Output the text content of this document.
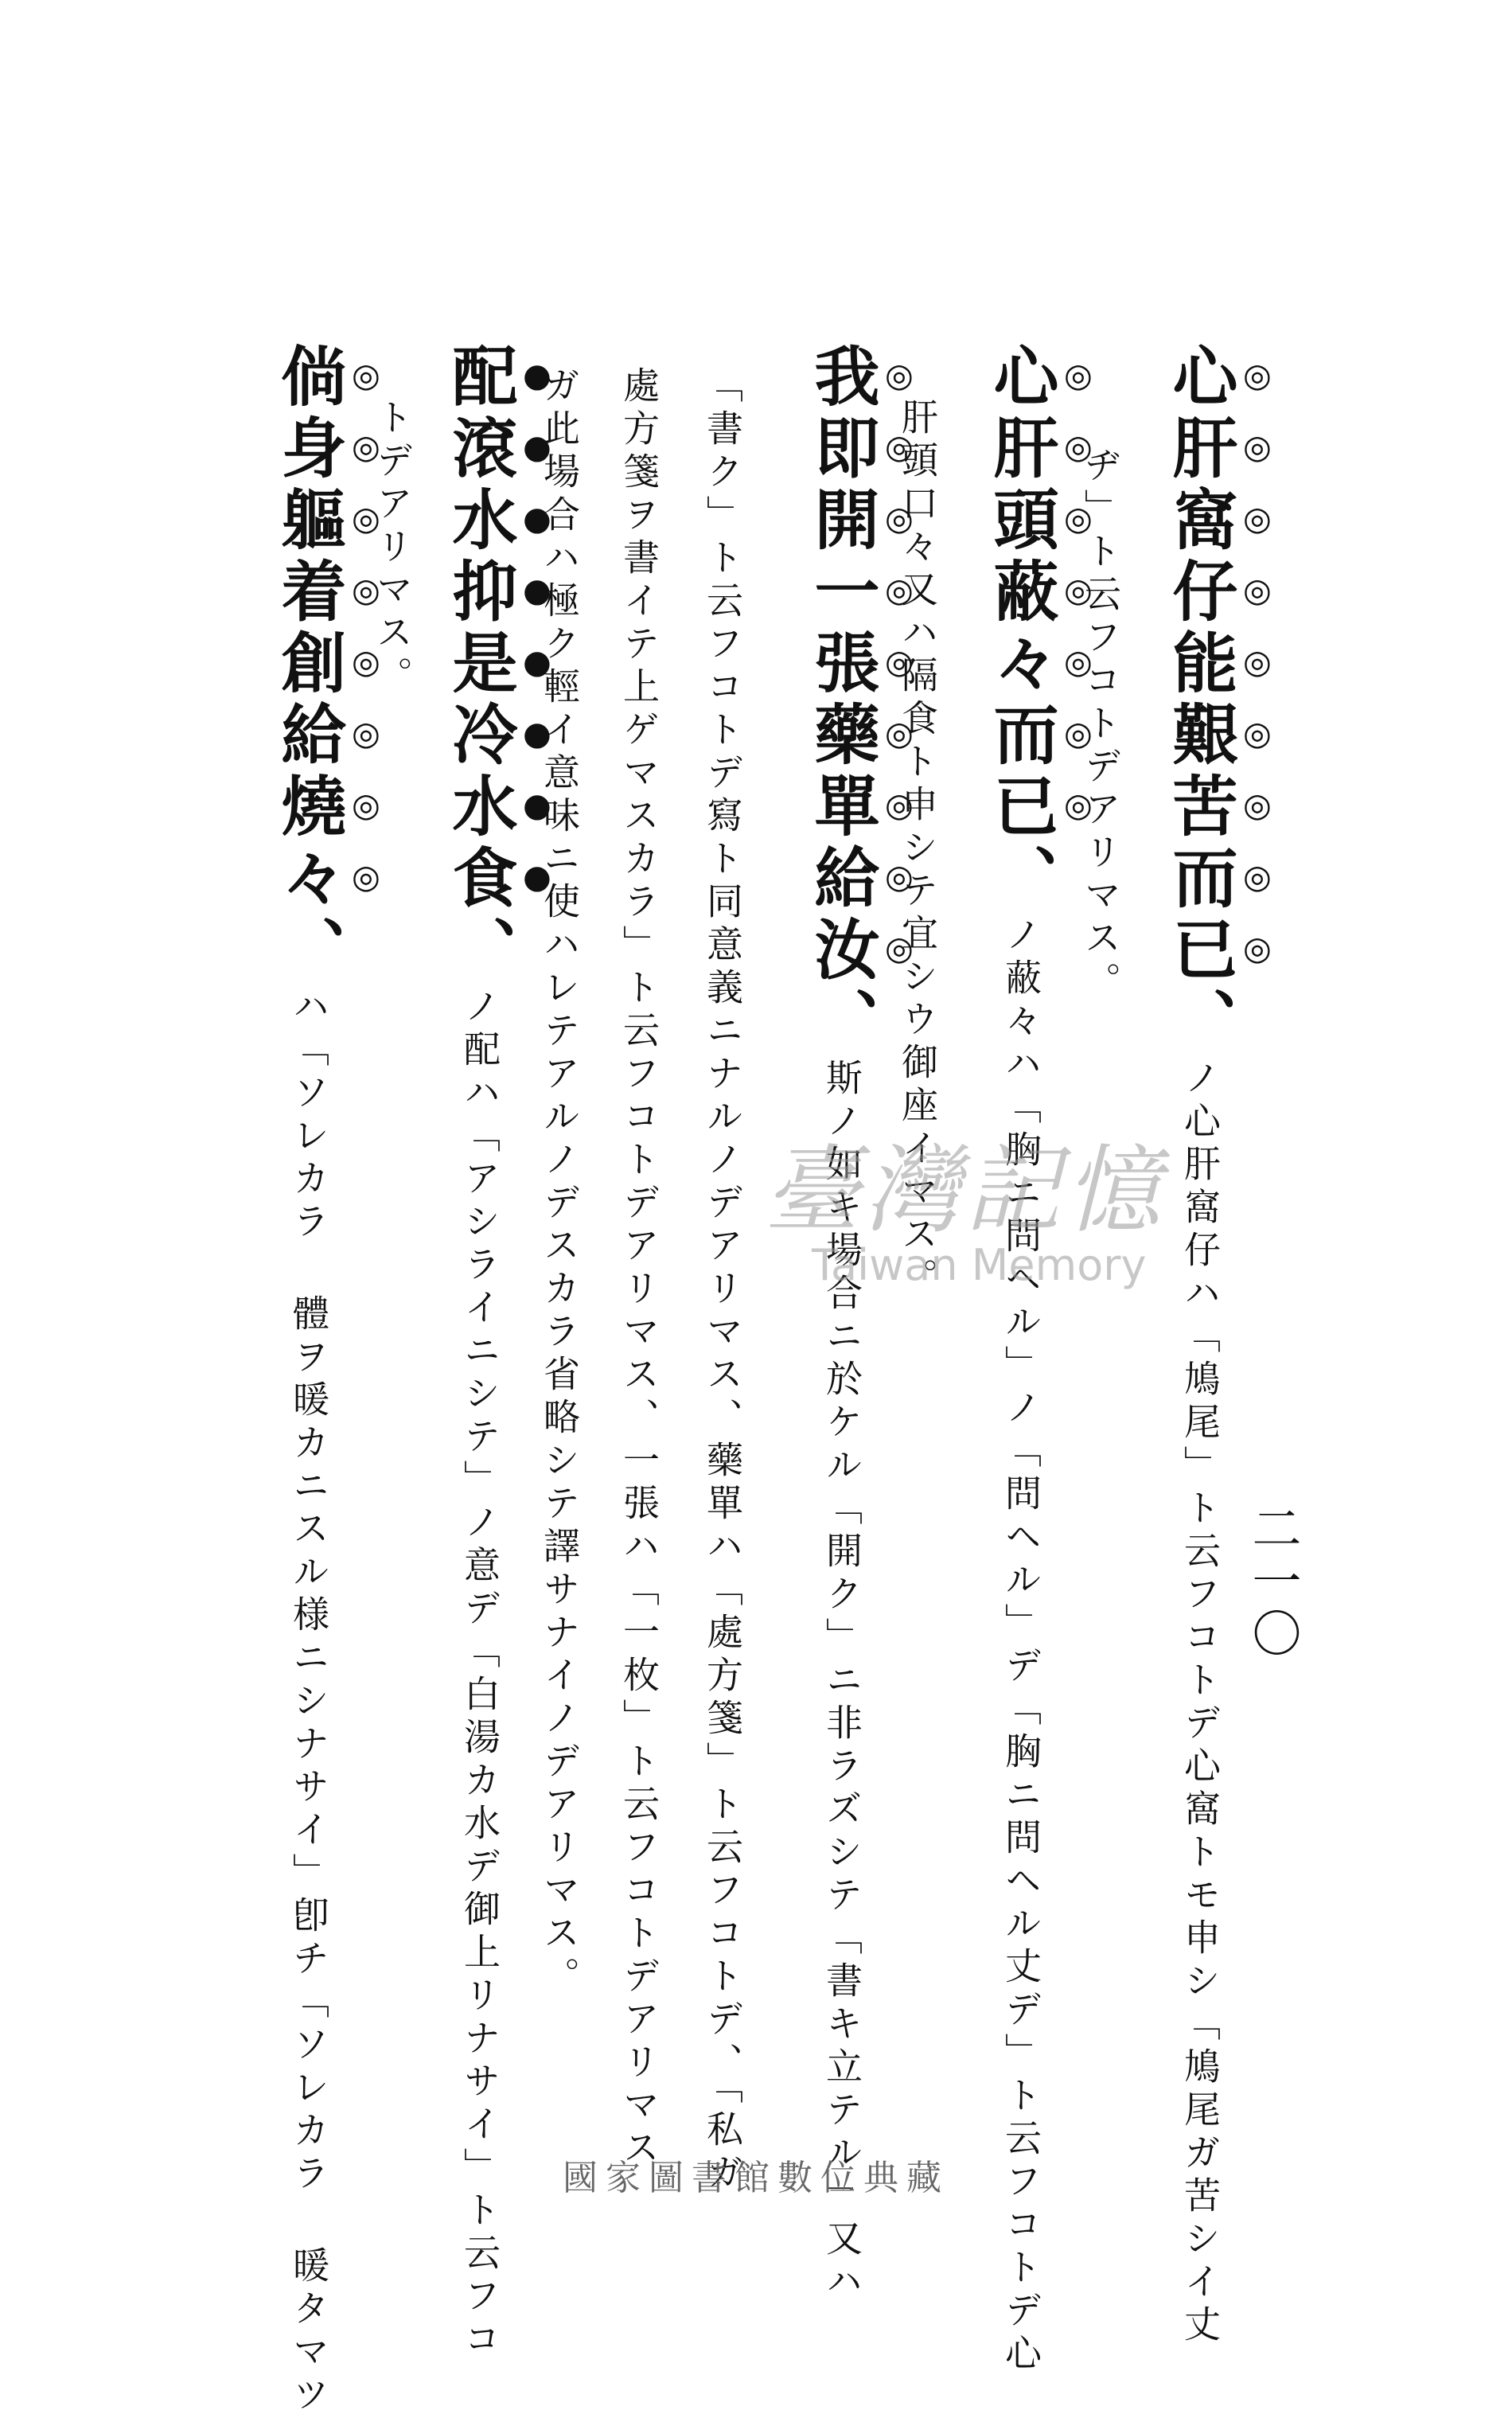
二一〇
心肝窩仔能艱苦而已、ノ心肝窩仔ハ「鳩尾」ト云フコトデ心窩トモ申シ「鳩尾ガ苦シイ丈
ヂ」ト云フコトデアリマス。
心肝頭蔽々而已、ノ蔽々ハ「胸ニ問ヘル」ノ「問ヘル」デ「胸ニ問ヘル丈デ」ト云フコトデ心
肝頭口々又ハ隔食ト申シテ宜シウ御座イマス。
我即開一張藥單給汝、斯ノ如キ場合ニ於ケル「開ク」ニ非ラズシテ「書キ立テル」又ハ
「書ク」ト云フコトデ寫ト同意義ニナルノデアリマス、藥單ハ「處方箋」ト云フコトデ、「私ガ
處方箋ヲ書イテ上ゲマスカラ」ト云フコトデアリマス、一張ハ「一枚」ト云フコトデアリマス
ガ此場合ハ極ク輕イ意味ニ使ハレテアルノデスカラ省略シテ譯サナイノデアリマス。
配滾水抑是冷水食、ノ配ハ「アシライニシテ」ノ意デ「白湯カ水デ御上リナサイ」ト云フコ
トデアリマス。
倘身軀着創給燒々、ハ「ソレカラ 體ヲ暖カニスル様ニシナサイ」卽チ「ソレカラ 暖タマツ	臺灣記憶
Taiwan Memory
國家圖書館數位典藏
